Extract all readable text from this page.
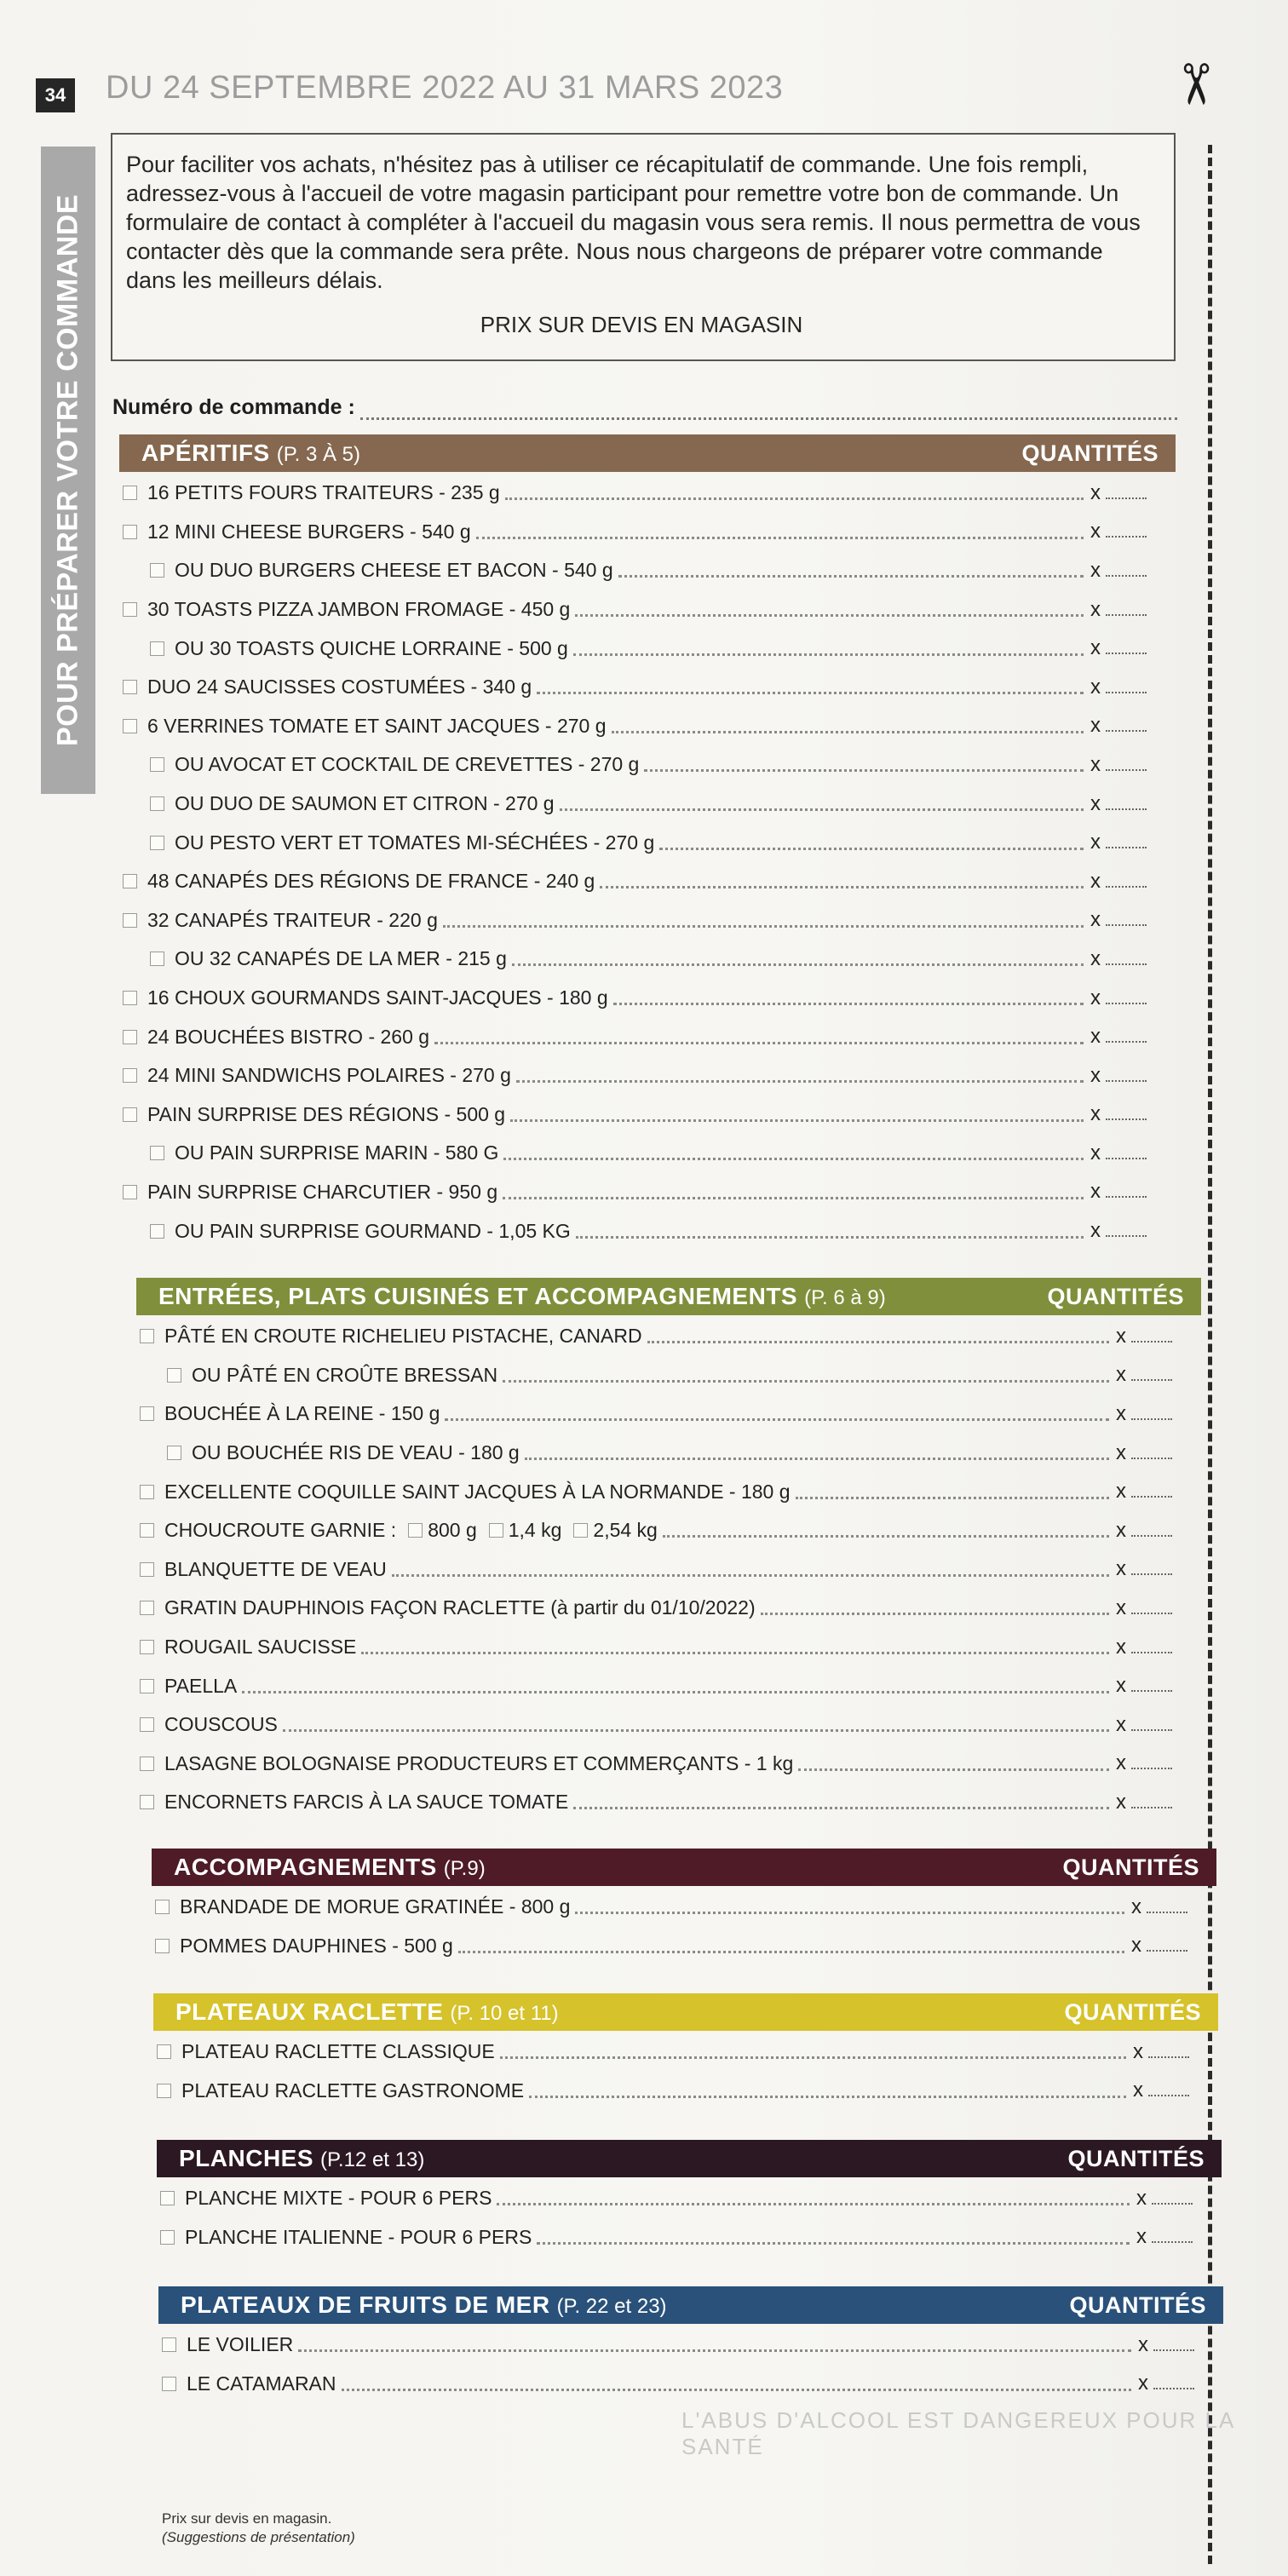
34 DU 24 SEPTEMBRE 2022 AU 31 MARS 2023	✂
POUR PRÉPARER VOTRE COMMANDE

Pour faciliter vos achats, n'hésitez pas à utiliser ce récapitulatif de commande. Une fois rempli, adressez-vous à l'accueil de votre magasin participant pour remettre votre bon de commande. Un formulaire de contact à compléter à l'accueil du magasin vous sera remis. Il nous permettra de vous contacter dès que la commande sera prête. Nous nous chargeons de préparer votre commande dans les meilleurs délais.

PRIX SUR DEVIS EN MAGASIN
Numéro de commande :
APÉRITIFS (P. 3 À 5)	QUANTITÉS
16 PETITS FOURS TRAITEURS - 235 g	x
12 MINI CHEESE BURGERS - 540 g	x
OU DUO BURGERS CHEESE ET BACON - 540 g	x
30 TOASTS PIZZA JAMBON FROMAGE - 450 g	x
OU 30 TOASTS QUICHE LORRAINE - 500 g	x
DUO 24 SAUCISSES COSTUMÉES - 340 g	x
6 VERRINES TOMATE ET SAINT JACQUES - 270 g	x
OU AVOCAT ET COCKTAIL DE CREVETTES - 270 g	x
OU DUO DE SAUMON ET CITRON - 270 g	x
OU PESTO VERT ET TOMATES MI-SÉCHÉES - 270 g	x
48 CANAPÉS DES RÉGIONS DE FRANCE - 240 g	x
32 CANAPÉS TRAITEUR - 220 g	x
OU 32 CANAPÉS DE LA MER - 215 g	x
16 CHOUX GOURMANDS SAINT-JACQUES - 180 g	x
24 BOUCHÉES BISTRO - 260 g	x
24 MINI SANDWICHS POLAIRES - 270 g	x
PAIN SURPRISE DES RÉGIONS - 500 g	x
OU PAIN SURPRISE MARIN - 580 G	x
PAIN SURPRISE CHARCUTIER - 950 g	x
OU PAIN SURPRISE GOURMAND - 1,05 KG	x
ENTRÉES, PLATS CUISINÉS ET ACCOMPAGNEMENTS (P. 6 à 9)	QUANTITÉS
PÂTÉ EN CROUTE RICHELIEU PISTACHE, CANARD	x
OU PÂTÉ EN CROÛTE BRESSAN	x
BOUCHÉE À LA REINE - 150 g	x
OU BOUCHÉE RIS DE VEAU - 180 g	x
EXCELLENTE COQUILLE SAINT JACQUES À LA NORMANDE - 180 g	x
CHOUCROUTE GARNIE : 800 g 1,4 kg 2,54 kg	x
BLANQUETTE DE VEAU	x
GRATIN DAUPHINOIS FAÇON RACLETTE (à partir du 01/10/2022)	x
ROUGAIL SAUCISSE	x
PAELLA	x
COUSCOUS	x
LASAGNE BOLOGNAISE PRODUCTEURS ET COMMERÇANTS - 1 kg	x
ENCORNETS FARCIS À LA SAUCE TOMATE	x
ACCOMPAGNEMENTS (P.9)	QUANTITÉS
BRANDADE DE MORUE GRATINÉE - 800 g	x
POMMES DAUPHINES - 500 g	x
PLATEAUX RACLETTE (P. 10 et 11)	QUANTITÉS
PLATEAU RACLETTE CLASSIQUE	x
PLATEAU RACLETTE GASTRONOME	x
PLANCHES (P.12 et 13)	QUANTITÉS
PLANCHE MIXTE - POUR 6 PERS	x
PLANCHE ITALIENNE - POUR 6 PERS	x
PLATEAUX DE FRUITS DE MER (P. 22 et 23)	QUANTITÉS
LE VOILIER	x
LE CATAMARAN	x
L'ABUS D'ALCOOL EST DANGEREUX POUR LA SANTÉ
Prix sur devis en magasin.
(Suggestions de présentation)
